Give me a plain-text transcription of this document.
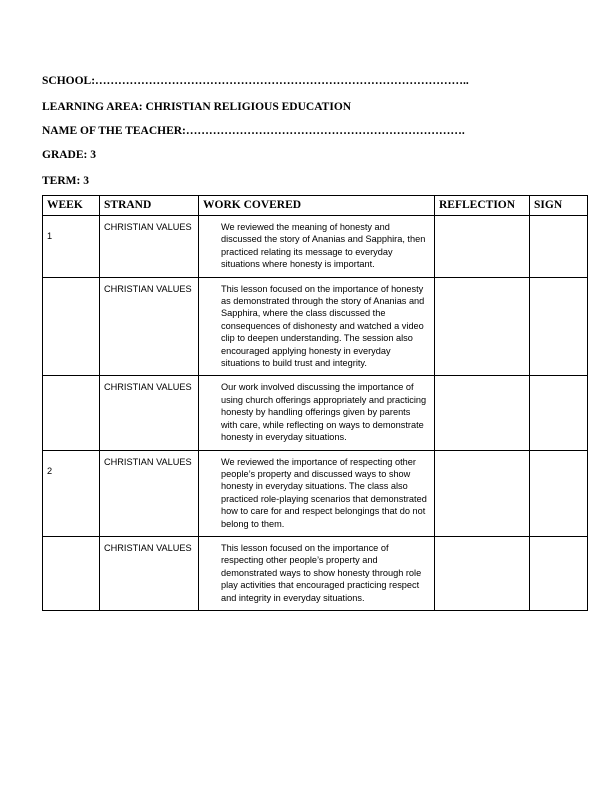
SCHOOL:……………………………………………………………………………………..
LEARNING AREA: CHRISTIAN RELIGIOUS EDUCATION
NAME OF THE TEACHER:……………………………………………………………….
GRADE: 3
TERM: 3
WEEK	STRAND	WORK COVERED	REFLECTION	SIGN
1	CHRISTIAN VALUES	We reviewed the meaning of honesty and discussed the story of Ananias and Sapphira, then practiced relating its message to everyday situations where honesty is important.		
	CHRISTIAN VALUES	This lesson focused on the importance of honesty as demonstrated through the story of Ananias and Sapphira, where the class discussed the consequences of dishonesty and watched a video clip to deepen understanding. The session also encouraged applying honesty in everyday situations to build trust and integrity.		
	CHRISTIAN VALUES	Our work involved discussing the importance of using church offerings appropriately and practicing honesty by handling offerings given by parents with care, while reflecting on ways to demonstrate honesty in everyday situations.		
2	CHRISTIAN VALUES	We reviewed the importance of respecting other people’s property and discussed ways to show honesty in everyday situations. The class also practiced role-playing scenarios that demonstrated how to care for and respect belongings that do not belong to them.		
	CHRISTIAN VALUES	This lesson focused on the importance of respecting other people’s property and demonstrated ways to show honesty through role play activities that encouraged practicing respect and integrity in everyday situations.		
